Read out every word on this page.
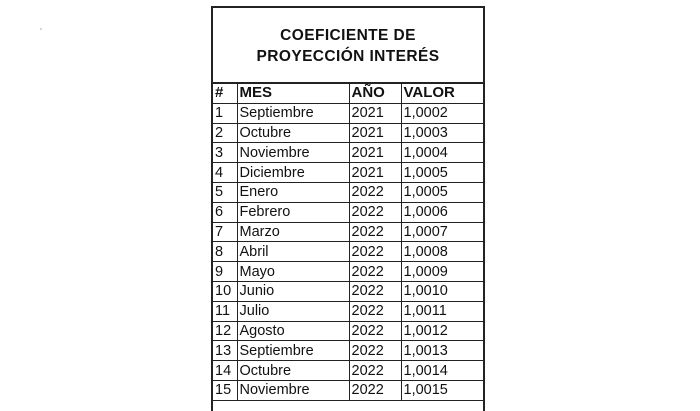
COEFICIENTE DE
PROYECCIÓN INTERÉS
#	MES	AÑO	VALOR
1	Septiembre	2021	1,0002
2	Octubre	2021	1,0003
3	Noviembre	2021	1,0004
4	Diciembre	2021	1,0005
5	Enero	2022	1,0005
6	Febrero	2022	1,0006
7	Marzo	2022	1,0007
8	Abril	2022	1,0008
9	Mayo	2022	1,0009
10	Junio	2022	1,0010
11	Julio	2022	1,0011
12	Agosto	2022	1,0012
13	Septiembre	2022	1,0013
14	Octubre	2022	1,0014
15	Noviembre	2022	1,0015
